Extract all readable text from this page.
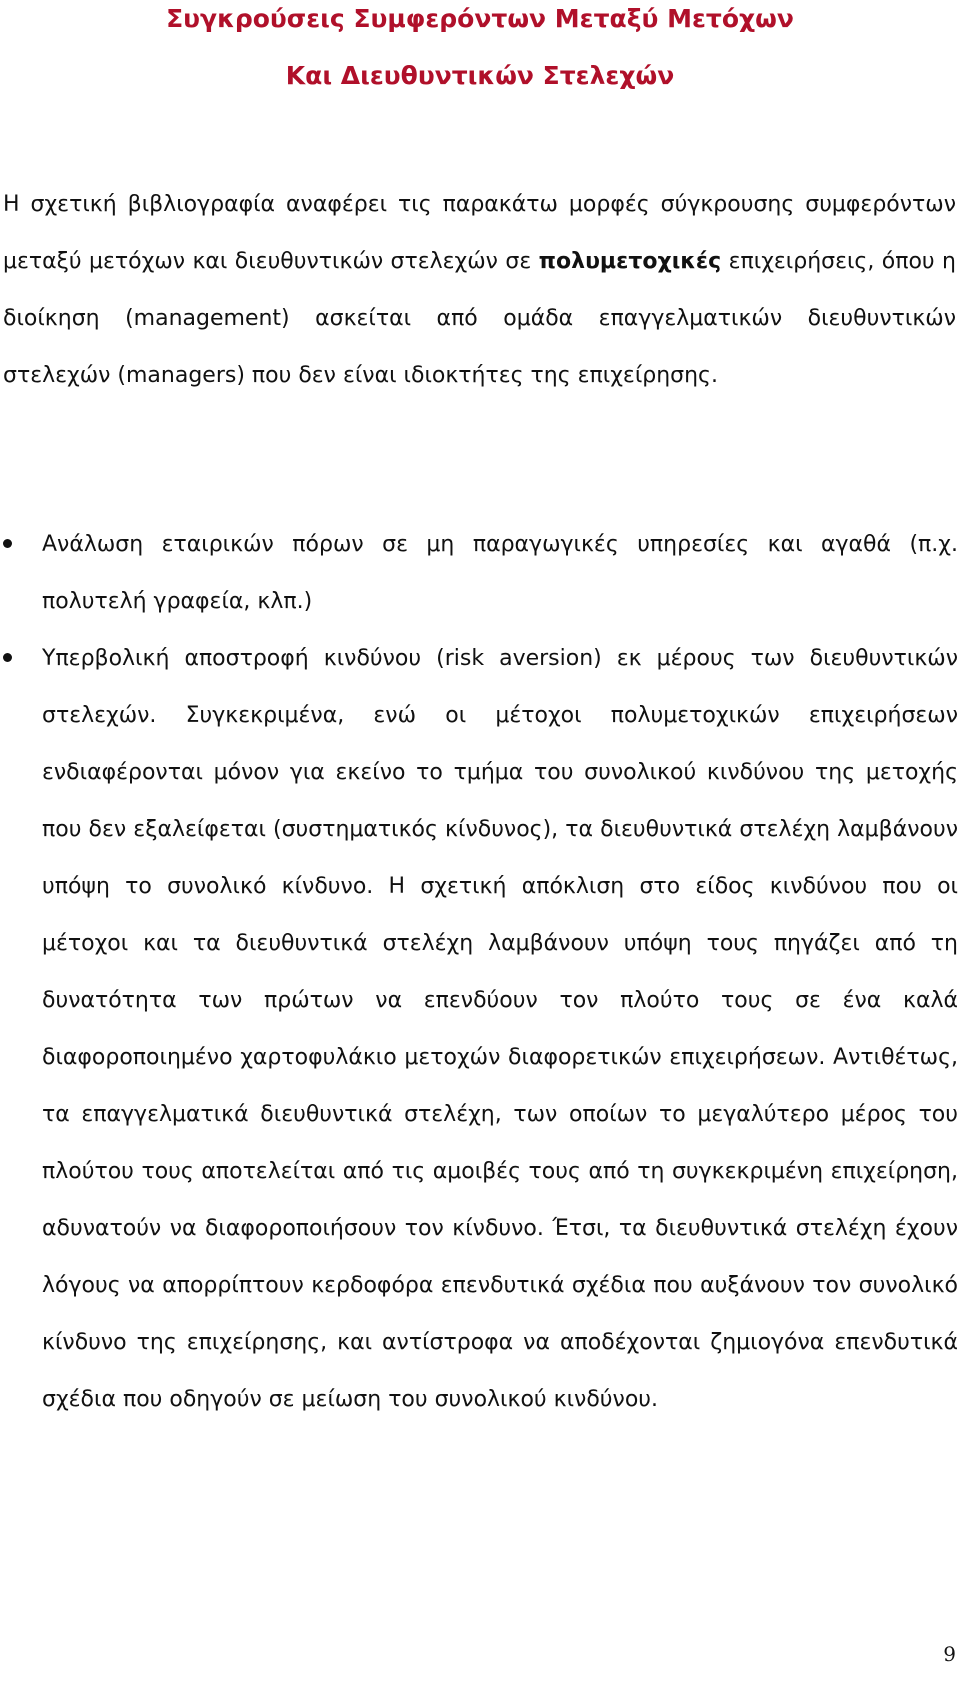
Συγκρούσεις Συμφερόντων Μεταξύ Μετόχων
Και Διευθυντικών Στελεχών

Η σχετική βιβλιογραφία αναφέρει τις παρακάτω μορφές σύγκρουσης συμφερόντων μεταξύ μετόχων και διευθυντικών στελεχών σε πολυμετοχικές επιχειρήσεις, όπου η διοίκηση (management) ασκείται από ομάδα επαγγελματικών διευθυντικών στελεχών (managers) που δεν είναι ιδιοκτήτες της επιχείρησης.

Ανάλωση εταιρικών πόρων σε μη παραγωγικές υπηρεσίες και αγαθά (π.χ. πολυτελή γραφεία, κλπ.)
Υπερβολική αποστροφή κινδύνου (risk aversion) εκ μέρους των διευθυντικών στελεχών. Συγκεκριμένα, ενώ οι μέτοχοι πολυμετοχικών επιχειρήσεων ενδιαφέρονται μόνον για εκείνο το τμήμα του συνολικού κινδύνου της μετοχής που δεν εξαλείφεται (συστηματικός κίνδυνος), τα διευθυντικά στελέχη λαμβάνουν υπόψη το συνολικό κίνδυνο. Η σχετική απόκλιση στο είδος κινδύνου που οι μέτοχοι και τα διευθυντικά στελέχη λαμβάνουν υπόψη τους πηγάζει από τη δυνατότητα των πρώτων να επενδύουν τον πλούτο τους σε ένα καλά διαφοροποιημένο χαρτοφυλάκιο μετοχών διαφορετικών επιχειρήσεων. Αντιθέτως, τα επαγγελματικά διευθυντικά στελέχη, των οποίων το μεγαλύτερο μέρος του πλούτου τους αποτελείται από τις αμοιβές τους από τη συγκεκριμένη επιχείρηση, αδυνατούν να διαφοροποιήσουν τον κίνδυνο. Έτσι, τα διευθυντικά στελέχη έχουν λόγους να απορρίπτουν κερδοφόρα επενδυτικά σχέδια που αυξάνουν τον συνολικό κίνδυνο της επιχείρησης, και αντίστροφα να αποδέχονται ζημιογόνα επενδυτικά σχέδια που οδηγούν σε μείωση του συνολικού κινδύνου.
9
